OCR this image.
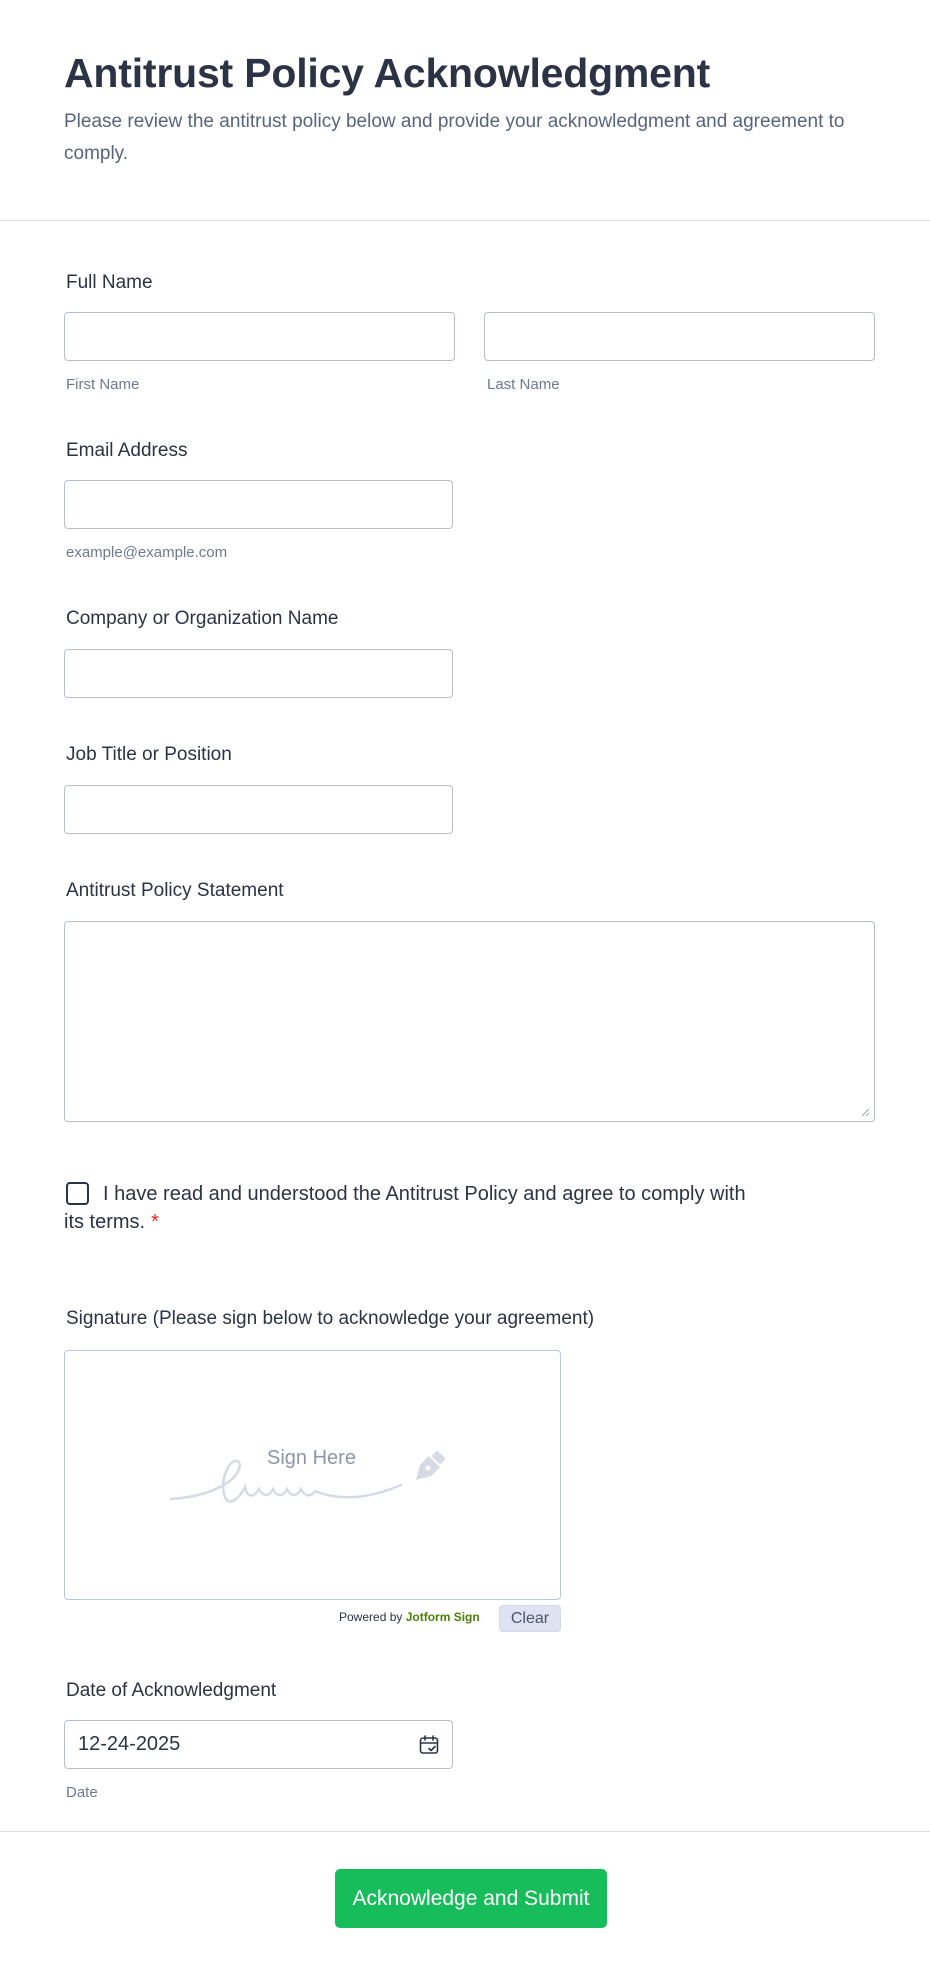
Antitrust Policy Acknowledgment

Please review the antitrust policy below and provide your acknowledgment and agreement to comply.

Full Name
First Name	Last Name
Email Address
example@example.com
Company or Organization Name
Job Title or Position
Antitrust Policy Statement
I have read and understood the Antitrust Policy and agree to comply with its terms. *
Signature (Please sign below to acknowledge your agreement)
Sign Here
Powered by Jotform Sign	Clear
Date of Acknowledgment
12-24-2025
Date
Acknowledge and Submit
